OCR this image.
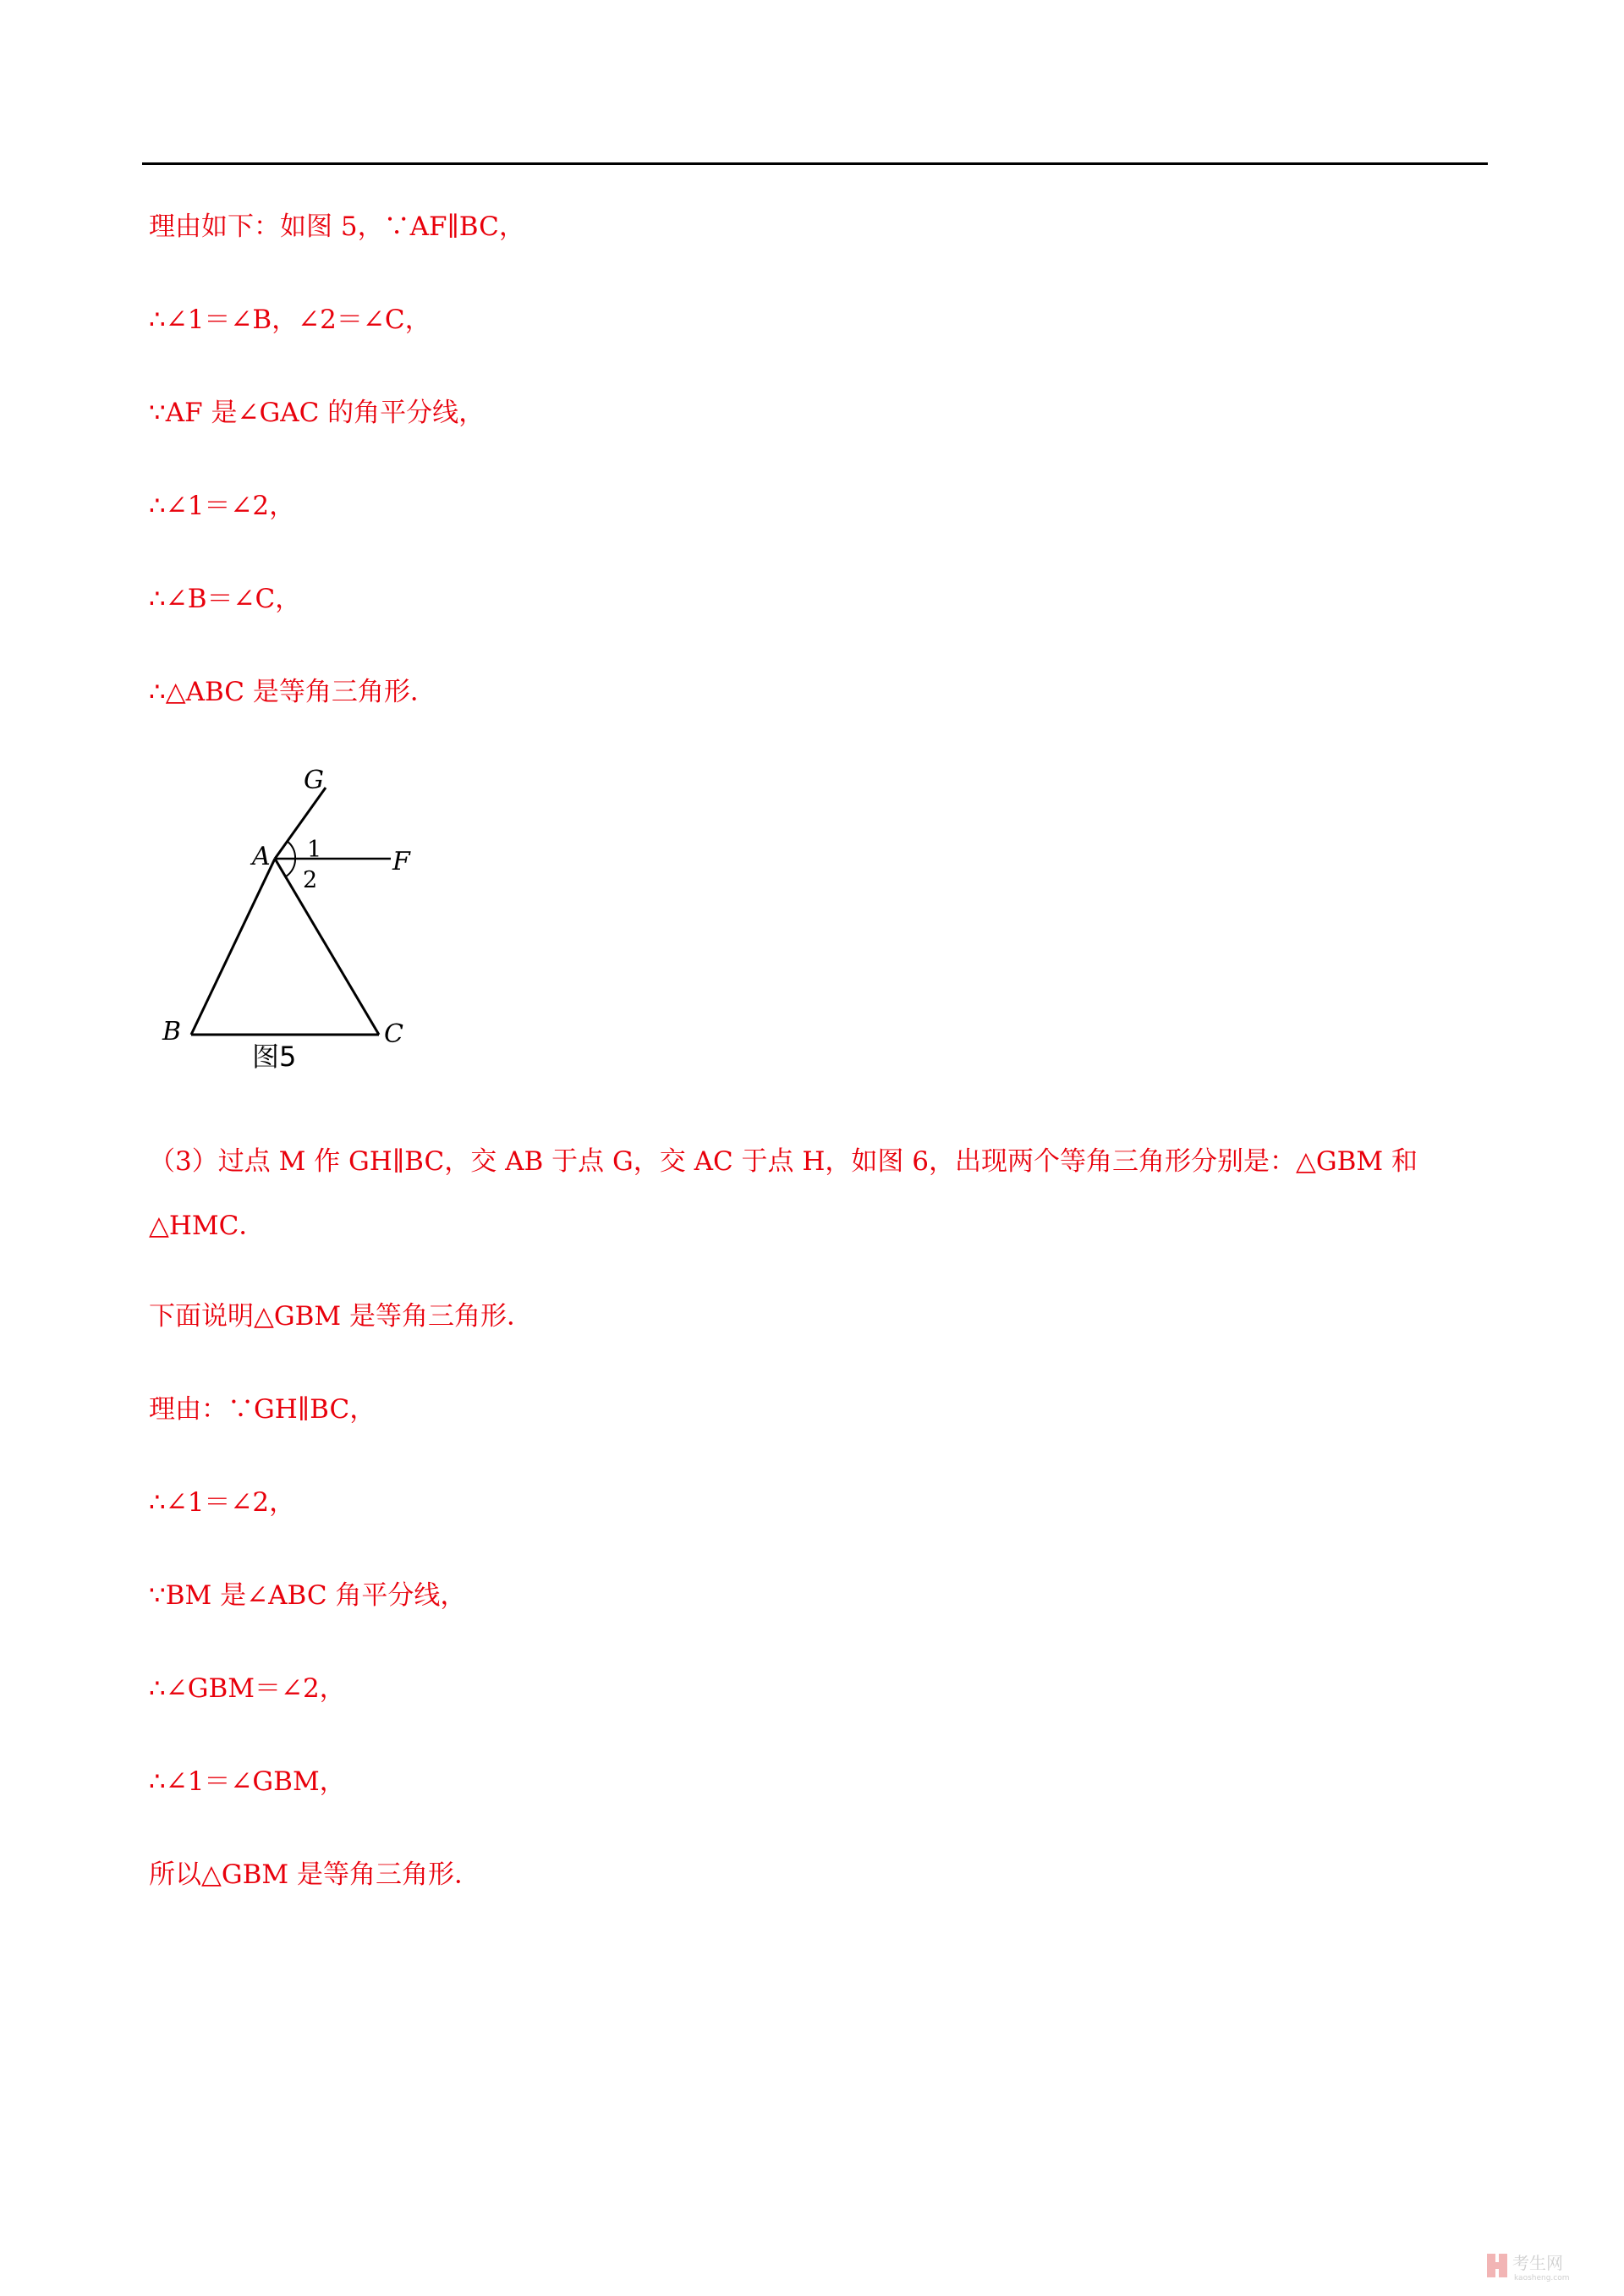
理由如下：如图 5，∵AF∥BC，
∴∠1＝∠B，∠2＝∠C，
∵AF 是∠GAC 的角平分线，
∴∠1＝∠2，
∴∠B＝∠C，
∴△ABC 是等角三角形．
G
A	F
1
2
B	C
图5
（3）过点 M 作 GH∥BC，交 AB 于点 G，交 AC 于点 H，如图 6，出现两个等角三角形分别是：△GBM 和△HMC．
下面说明△GBM 是等角三角形．
理由：∵GH∥BC，
∴∠1＝∠2，
∵BM 是∠ABC 角平分线，
∴∠GBM＝∠2，
∴∠1＝∠GBM，
所以△GBM 是等角三角形．
考生网
kaosheng.com
